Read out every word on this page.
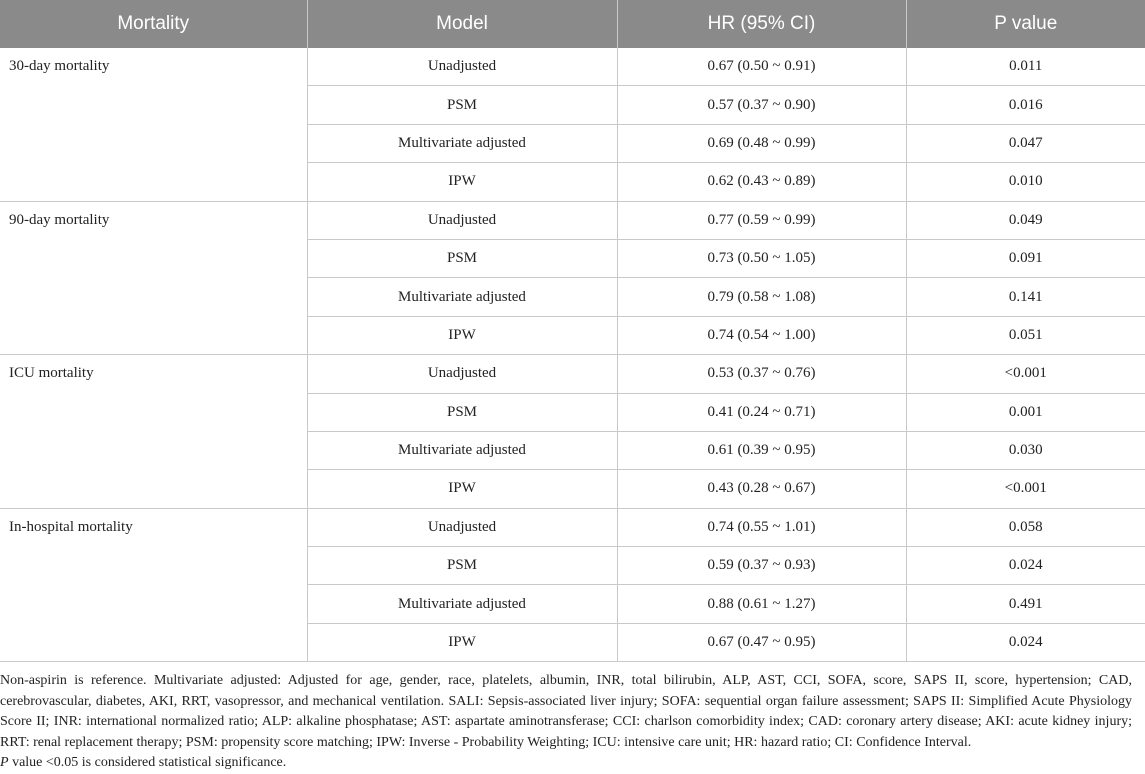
Mortality	Model	HR (95% CI)	P value
30-day mortality	Unadjusted	0.67 (0.50 ~ 0.91)	0.011
	PSM	0.57 (0.37 ~ 0.90)	0.016
	Multivariate adjusted	0.69 (0.48 ~ 0.99)	0.047
	IPW	0.62 (0.43 ~ 0.89)	0.010
90-day mortality	Unadjusted	0.77 (0.59 ~ 0.99)	0.049
	PSM	0.73 (0.50 ~ 1.05)	0.091
	Multivariate adjusted	0.79 (0.58 ~ 1.08)	0.141
	IPW	0.74 (0.54 ~ 1.00)	0.051
ICU mortality	Unadjusted	0.53 (0.37 ~ 0.76)	<0.001
	PSM	0.41 (0.24 ~ 0.71)	0.001
	Multivariate adjusted	0.61 (0.39 ~ 0.95)	0.030
	IPW	0.43 (0.28 ~ 0.67)	<0.001
In-hospital mortality	Unadjusted	0.74 (0.55 ~ 1.01)	0.058
	PSM	0.59 (0.37 ~ 0.93)	0.024
	Multivariate adjusted	0.88 (0.61 ~ 1.27)	0.491
	IPW	0.67 (0.47 ~ 0.95)	0.024

Non-aspirin is reference. Multivariate adjusted: Adjusted for age, gender, race, platelets, albumin, INR, total bilirubin, ALP, AST, CCI, SOFA, score, SAPS II, score, hypertension; CAD, cerebrovascular, diabetes, AKI, RRT, vasopressor, and mechanical ventilation. SALI: Sepsis-associated liver injury; SOFA: sequential organ failure assessment; SAPS II: Simplified Acute Physiology Score II; INR: international normalized ratio; ALP: alkaline phosphatase; AST: aspartate aminotransferase; CCI: charlson comorbidity index; CAD: coronary artery disease; AKI: acute kidney injury; RRT: renal replacement therapy; PSM: propensity score matching; IPW: Inverse - Probability Weighting; ICU: intensive care unit; HR: hazard ratio; CI: Confidence Interval.

P value <0.05 is considered statistical significance.
